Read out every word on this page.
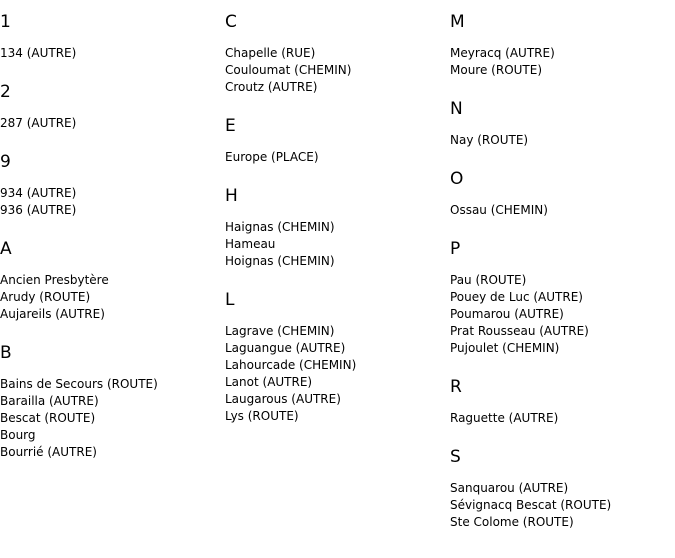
1
134 (AUTRE)
2
287 (AUTRE)
9
934 (AUTRE)
936 (AUTRE)
A
Ancien Presbytère
Arudy (ROUTE)
Aujareils (AUTRE)
B
Bains de Secours (ROUTE)
Barailla (AUTRE)
Bescat (ROUTE)
Bourg
Bourrié (AUTRE)
C
Chapelle (RUE)
Couloumat (CHEMIN)
Croutz (AUTRE)
E
Europe (PLACE)
H
Haignas (CHEMIN)
Hameau
Hoignas (CHEMIN)
L
Lagrave (CHEMIN)
Laguangue (AUTRE)
Lahourcade (CHEMIN)
Lanot (AUTRE)
Laugarous (AUTRE)
Lys (ROUTE)
M
Meyracq (AUTRE)
Moure (ROUTE)
N
Nay (ROUTE)
O
Ossau (CHEMIN)
P
Pau (ROUTE)
Pouey de Luc (AUTRE)
Poumarou (AUTRE)
Prat Rousseau (AUTRE)
Pujoulet (CHEMIN)
R
Raguette (AUTRE)
S
Sanquarou (AUTRE)
Sévignacq Bescat (ROUTE)
Ste Colome (ROUTE)
